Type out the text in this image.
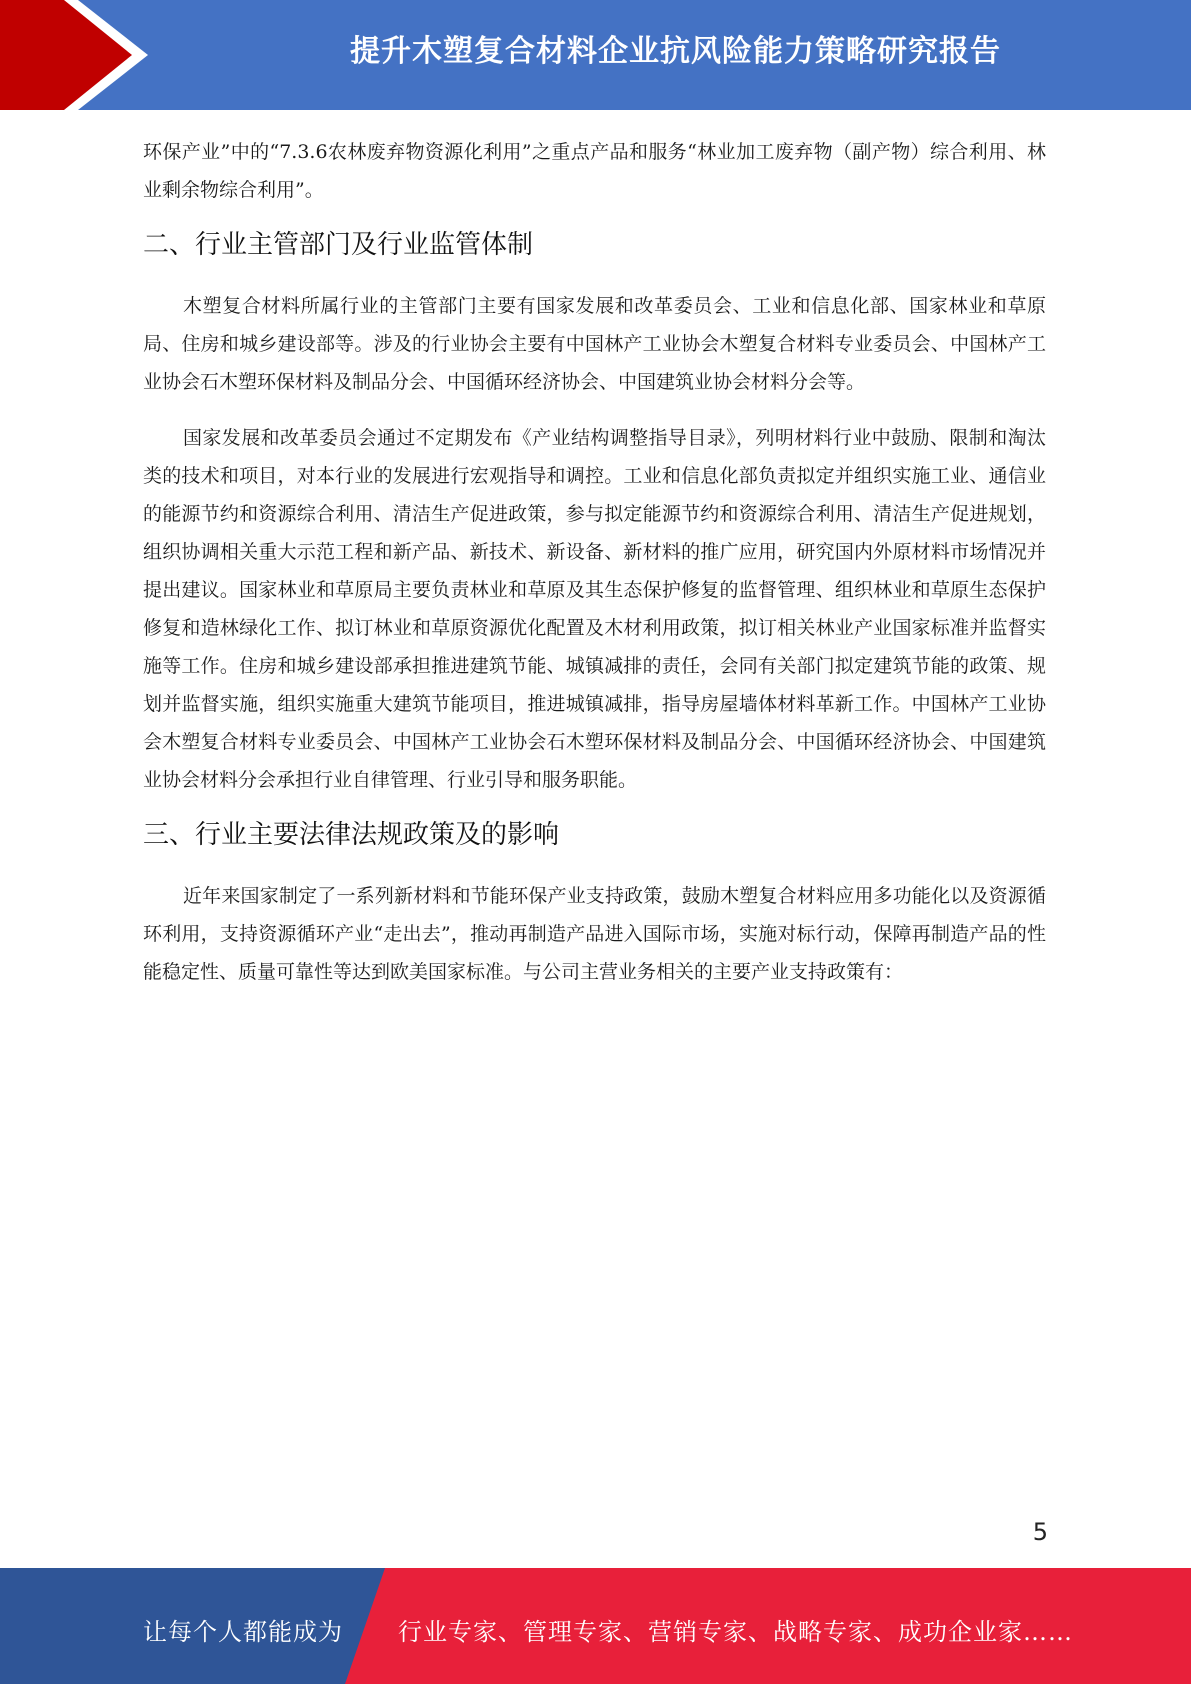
提升木塑复合材料企业抗风险能力策略研究报告

环保产业”中的“7.3.6农林废弃物资源化利用”之重点产品和服务“林业加工废弃物（副产物）综合利用、林业剩余物综合利用”。

二、行业主管部门及行业监管体制

木塑复合材料所属行业的主管部门主要有国家发展和改革委员会、工业和信息化部、国家林业和草原局、住房和城乡建设部等。涉及的行业协会主要有中国林产工业协会木塑复合材料专业委员会、中国林产工业协会石木塑环保材料及制品分会、中国循环经济协会、中国建筑业协会材料分会等。

国家发展和改革委员会通过不定期发布《产业结构调整指导目录》，列明材料行业中鼓励、限制和淘汰类的技术和项目，对本行业的发展进行宏观指导和调控。工业和信息化部负责拟定并组织实施工业、通信业的能源节约和资源综合利用、清洁生产促进政策，参与拟定能源节约和资源综合利用、清洁生产促进规划，组织协调相关重大示范工程和新产品、新技术、新设备、新材料的推广应用，研究国内外原材料市场情况并提出建议。国家林业和草原局主要负责林业和草原及其生态保护修复的监督管理、组织林业和草原生态保护修复和造林绿化工作、拟订林业和草原资源优化配置及木材利用政策，拟订相关林业产业国家标准并监督实施等工作。住房和城乡建设部承担推进建筑节能、城镇减排的责任，会同有关部门拟定建筑节能的政策、规划并监督实施，组织实施重大建筑节能项目，推进城镇减排，指导房屋墙体材料革新工作。中国林产工业协会木塑复合材料专业委员会、中国林产工业协会石木塑环保材料及制品分会、中国循环经济协会、中国建筑业协会材料分会承担行业自律管理、行业引导和服务职能。

三、行业主要法律法规政策及的影响

近年来国家制定了一系列新材料和节能环保产业支持政策，鼓励木塑复合材料应用多功能化以及资源循环利用，支持资源循环产业“走出去”，推动再制造产品进入国际市场，实施对标行动，保障再制造产品的性能稳定性、质量可靠性等达到欧美国家标准。与公司主营业务相关的主要产业支持政策有：

5
让每个人都能成为 行业专家、管理专家、营销专家、战略专家、成功企业家……
